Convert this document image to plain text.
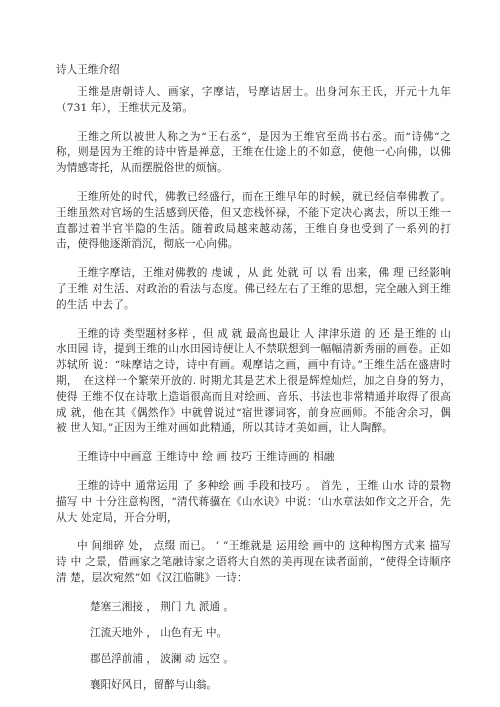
诗人王维介绍

王维是唐朝诗人、画家，字摩诘，号摩诘居士。出身河东王氏，开元十九年（731 年），王维状元及第。

王维之所以被世人称之为“王右丞”，是因为王维官至尚书右丞。而“诗佛”之称，则是因为王维的诗中皆是禅意，王维在仕途上的不如意，使他一心向佛，以佛为情感寄托，从而摆脱俗世的烦恼。

王维所处的时代，佛教已经盛行，而在王维早年的时候，就已经信奉佛教了。王维虽然对官场的生活感到厌倦，但又恋栈怀禄，不能下定决心离去，所以王维一直都过着半官半隐的生活。随着政局越来越动荡，王维自身也受到了一系列的打击，使得他逐渐消沉，彻底一心向佛。

王维字摩诘，王维对佛教的 虔诚 ，从 此 处就 可 以 看 出来，佛 理 已经影响 了王维 对生活、对政治的看法与态度。佛已经左右了王维的思想，完全融入到王维的生活 中去了。

王维的诗 类型题材多样 ，但 成 就 最高也最让 人 津津乐道 的 还 是王维的 山水田园 诗，提到王维的山水田园诗便让人不禁联想到一幅幅清新秀丽的画卷。正如苏轼所 说：“味摩诘之诗，诗中有画。观摩诘之画，画中有诗。”王维生活在盛唐时期，　在这样一个繁荣开放的. 时期尤其是艺术上很是辉煌灿烂，加之自身的努力，使得 王维不仅在诗歌上造诣很高而且对绘画、音乐、书法也非常精通并取得了很高成 就，他在其《偶然作》中就曾说过“宿世谬词客，前身应画师。不能舍余习，偶被 世人知。”正因为王维对画如此精通，所以其诗才美如画，让人陶醉。

王维诗中中画意 王维诗中 绘 画 技巧 王维诗画的 相融

王维的诗中 通常运用 了 多种绘 画 手段和技巧 。 首先 ，王维 山水 诗的景物描写 中 十分注意构图，“清代蒋骥在《山水诀》中说：‘山水章法如作文之开合，先从大 处定局，开合分明，

中 间细碎 处， 点缀 而已。 ’ ”王维就是 运用绘 画中的 这种构图方式来 描写 诗 中 之景，借画家之笔融诗家之语将大自然的美再现在读者面前，“使得全诗顺序清 楚，层次宛然”如《汉江临眺》一诗：

楚塞三湘接 ， 荆门 九 派通 。
江流天地外 ， 山色有无 中。
郡邑浮前浦 ， 波澜 动 远空 。
襄阳好风日，留醉与山翁。
